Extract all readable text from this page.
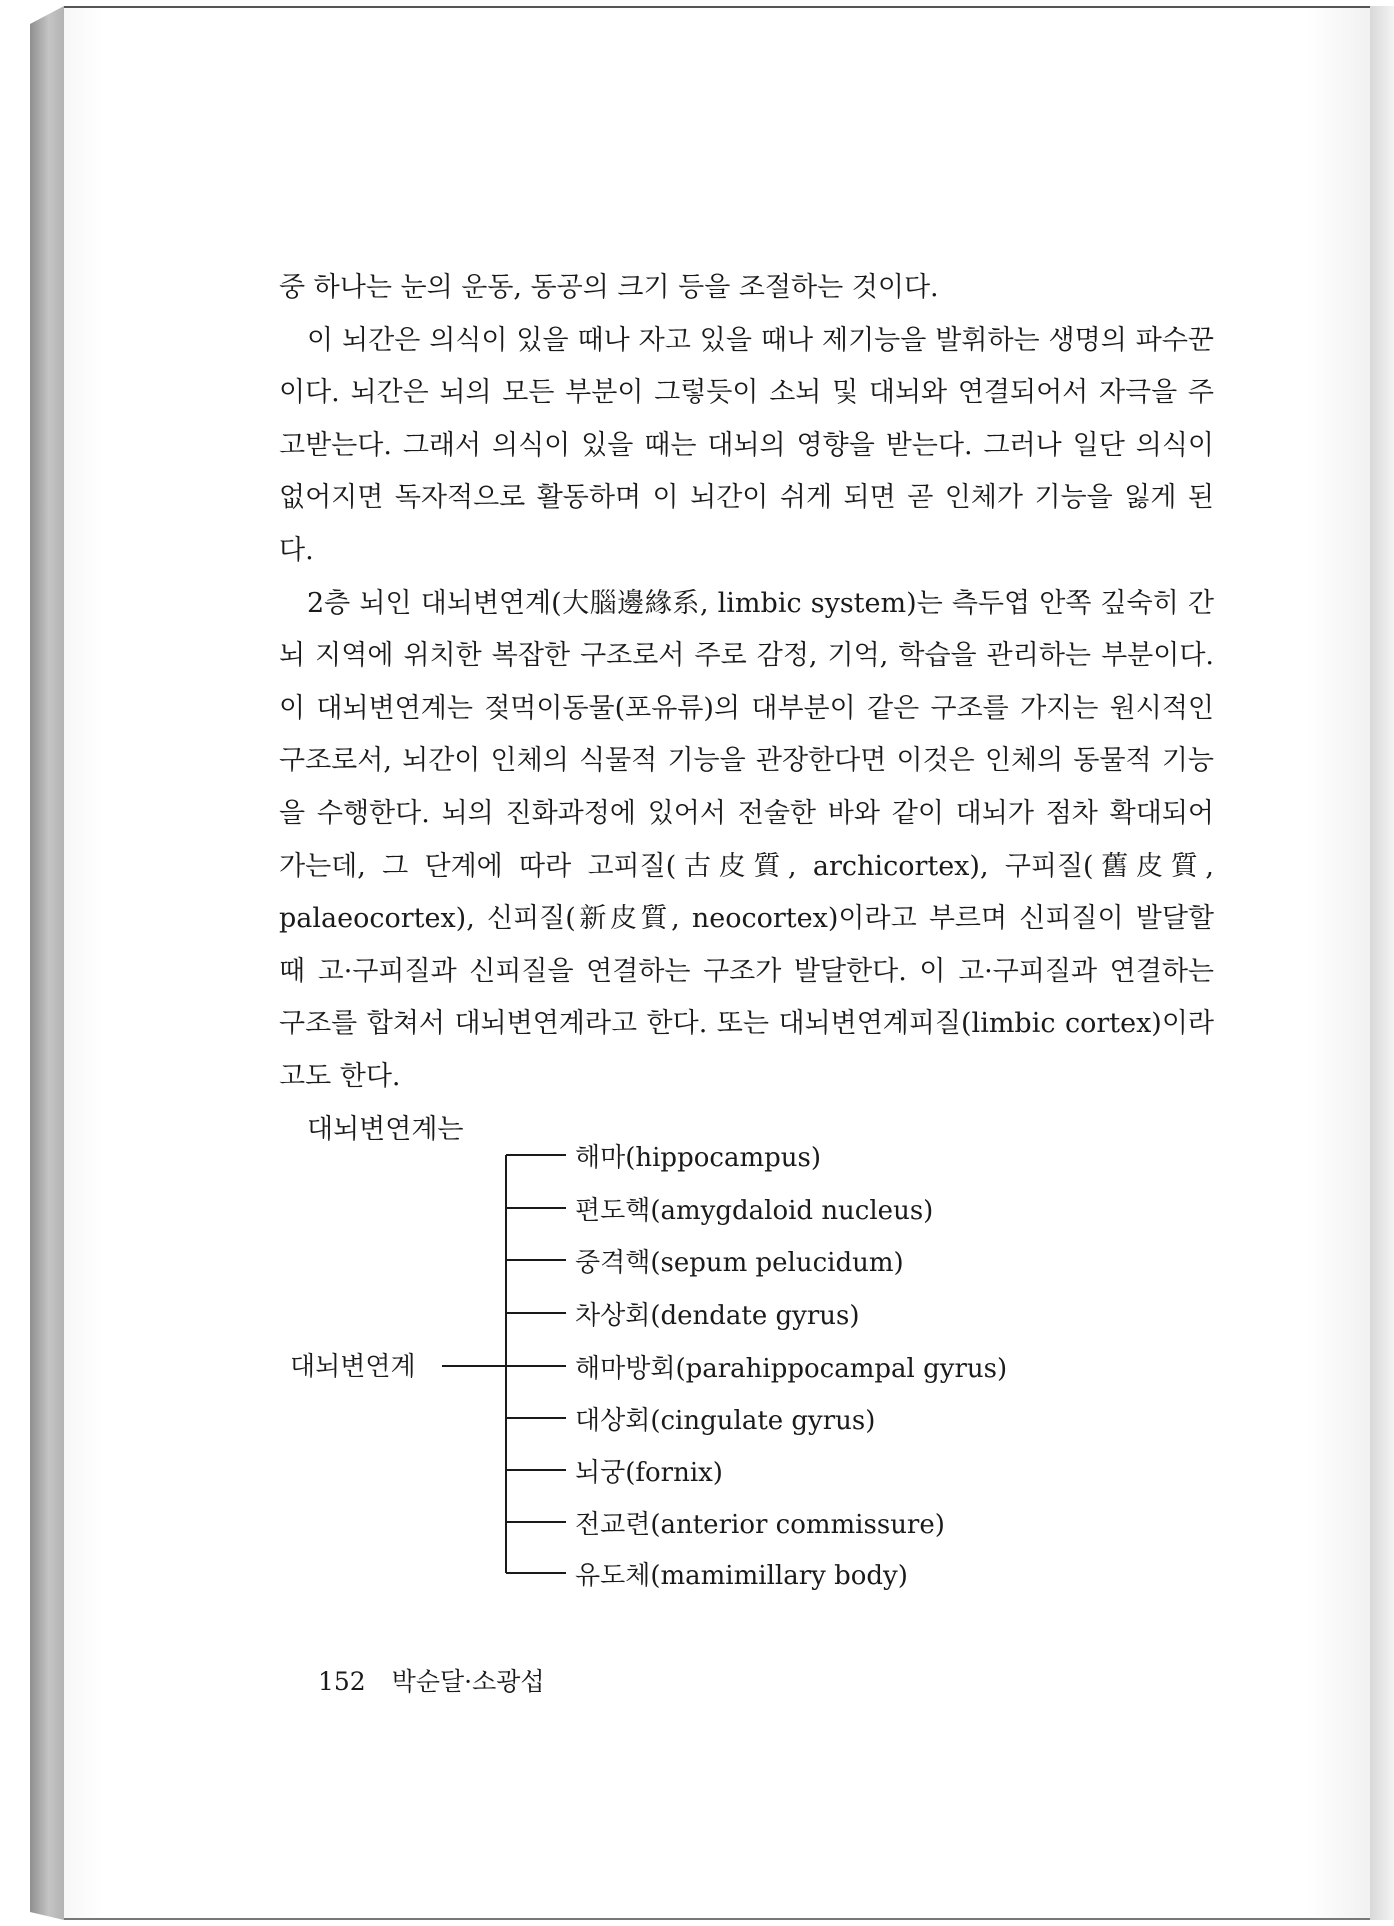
중 하나는 눈의 운동, 동공의 크기 등을 조절하는 것이다.

이 뇌간은 의식이 있을 때나 자고 있을 때나 제기능을 발휘하는 생명의 파수꾼이다. 뇌간은 뇌의 모든 부분이 그렇듯이 소뇌 및 대뇌와 연결되어서 자극을 주고받는다. 그래서 의식이 있을 때는 대뇌의 영향을 받는다. 그러나 일단 의식이 없어지면 독자적으로 활동하며 이 뇌간이 쉬게 되면 곧 인체가 기능을 잃게 된다.

2층 뇌인 대뇌변연계(大腦邊緣系, limbic system)는 측두엽 안쪽 깊숙히 간뇌 지역에 위치한 복잡한 구조로서 주로 감정, 기억, 학습을 관리하는 부분이다. 이 대뇌변연계는 젖먹이동물(포유류)의 대부분이 같은 구조를 가지는 원시적인 구조로서, 뇌간이 인체의 식물적 기능을 관장한다면 이것은 인체의 동물적 기능을 수행한다. 뇌의 진화과정에 있어서 전술한 바와 같이 대뇌가 점차 확대되어 가는데, 그 단계에 따라 고피질(古皮質, archicortex), 구피질(舊皮質, palaeocortex), 신피질(新皮質, neocortex)이라고 부르며 신피질이 발달할 때 고·구피질과 신피질을 연결하는 구조가 발달한다. 이 고·구피질과 연결하는 구조를 합쳐서 대뇌변연계라고 한다. 또는 대뇌변연계피질(limbic cortex)이라고도 한다.

대뇌변연계는

대뇌변연계
해마(hippocampus)
편도핵(amygdaloid nucleus)
중격핵(sepum pelucidum)
차상회(dendate gyrus)
해마방회(parahippocampal gyrus)
대상회(cingulate gyrus)
뇌궁(fornix)
전교련(anterior commissure)
유도체(mamimillary body)
152 박순달·소광섭
